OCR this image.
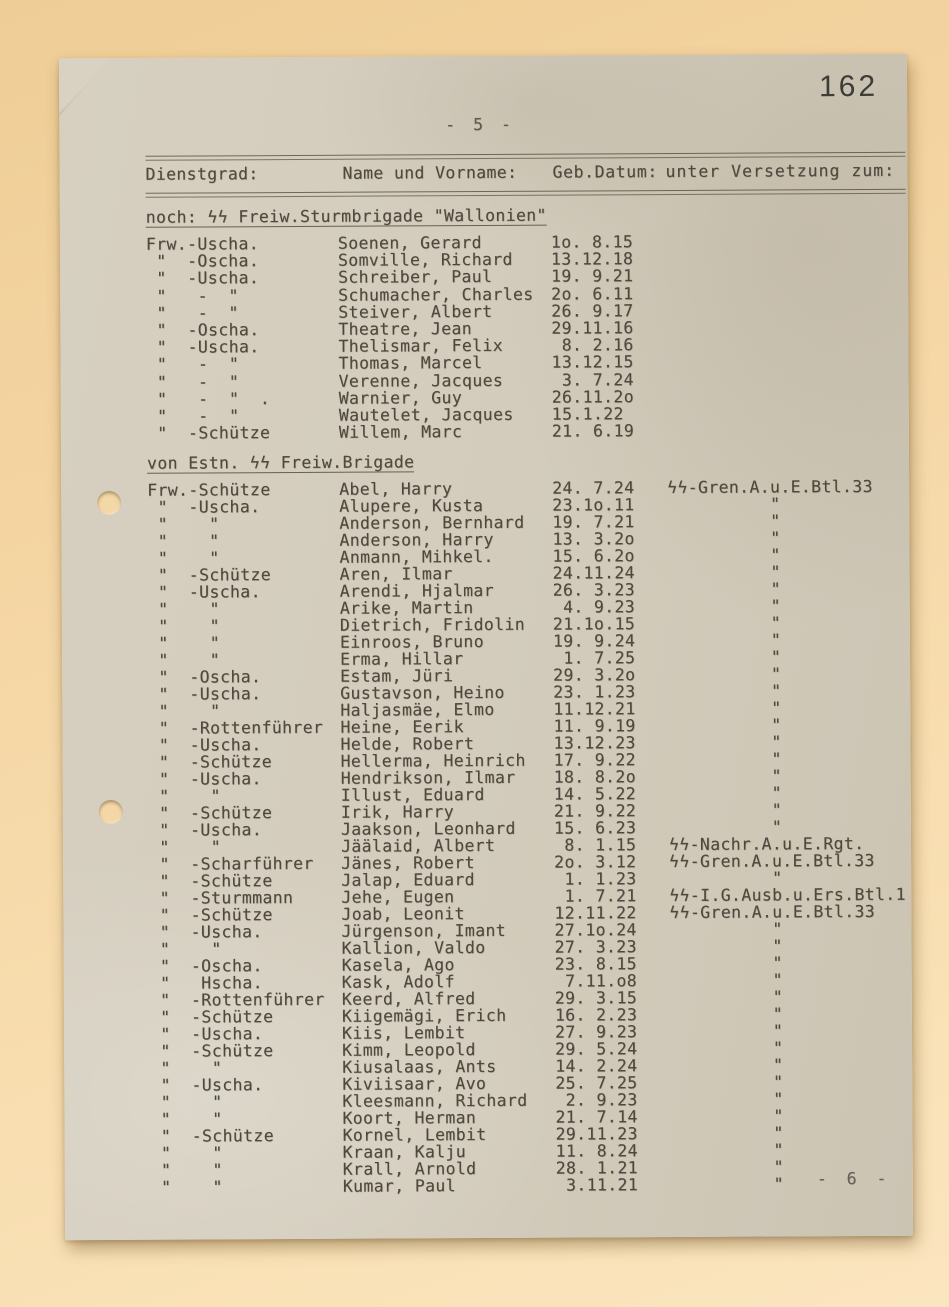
162
- 5 -
Dienstgrad:	Name und Vorname: Geb.Datum: unter Versetzung zum:
noch: ϟϟ Freiw.Sturmbrigade "Wallonien"
Frw.-Uscha.	Soenen, Gerard	1o. 8.15
"  -Oscha.	Somville, Richard 13.12.18
"  -Uscha.	Schreiber, Paul	19. 9.21
"   -  "	Schumacher, Charles 2o. 6.11
"   -  "	Steiver, Albert	26. 9.17
"  -Oscha.	Theatre, Jean	29.11.16
"  -Uscha.	Thelismar, Felix	8. 2.16
"   -  "	Thomas, Marcel	13.12.15
"   -  "	Verenne, Jacques	3. 7.24
"   -  "  .	Warnier, Guy	26.11.2o
"   -  "	Wautelet, Jacques 15.1.22
"  -Schütze	Willem, Marc	21. 6.19
von Estn. ϟϟ Freiw.Brigade
Frw.-Schütze	Abel, Harry	24. 7.24 ϟϟ-Gren.A.u.E.Btl.33
"  -Uscha.	Alupere, Kusta	23.1o.11 "
"    "	Anderson, Bernhard 19. 7.21 "
"    "	Anderson, Harry	13. 3.2o "
"    "	Anmann, Mihkel.	15. 6.2o "
"  -Schütze	Aren, Ilmar	24.11.24 "
"  -Uscha.	Arendi, Hjalmar	26. 3.23 "
"    "	Arike, Martin	4. 9.23 "
"    "	Dietrich, Fridolin 21.1o.15 "
"    "	Einroos, Bruno	19. 9.24 "
"    "	Erma, Hillar	1. 7.25 "
"  -Oscha.	Estam, Jüri	29. 3.2o "
"  -Uscha.	Gustavson, Heino	23. 1.23 "
"    "	Haljasmäe, Elmo	11.12.21 "
"  -Rottenführer Heine, Eerik	11. 9.19 "
"  -Uscha.	Helde, Robert	13.12.23 "
"  -Schütze	Hellerma, Heinrich 17. 9.22 "
"  -Uscha.	Hendrikson, Ilmar 18. 8.2o "
"    "	Illust, Eduard	14. 5.22 "
"  -Schütze	Irik, Harry	21. 9.22 "
"  -Uscha.	Jaakson, Leonhard 15. 6.23 "
"    "	Jäälaid, Albert	8. 1.15 ϟϟ-Nachr.A.u.E.Rgt.
"  -Scharführer Jänes, Robert	2o. 3.12 ϟϟ-Gren.A.u.E.Btl.33
"  -Schütze	Jalap, Eduard	1. 1.23 "
"  -Sturmmann	Jehe, Eugen	1. 7.21 ϟϟ-I.G.Ausb.u.Ers.Btl.1
"  -Schütze	Joab, Leonit	12.11.22 ϟϟ-Gren.A.u.E.Btl.33
"  -Uscha.	Jürgenson, Imant	27.1o.24 "
"    "	Kallion, Valdo	27. 3.23 "
"  -Oscha.	Kasela, Ago	23. 8.15 "
"   Hscha.	Kask, Adolf	7.11.o8 "
"  -Rottenführer Keerd, Alfred	29. 3.15 "
"  -Schütze	Kiigemägi, Erich	16. 2.23 "
"  -Uscha.	Kiis, Lembit	27. 9.23 "
"  -Schütze	Kimm, Leopold	29. 5.24 "
"    "	Kiusalaas, Ants	14. 2.24 "
"  -Uscha.	Kiviisaar, Avo	25. 7.25 "
"    "	Kleesmann, Richard 2. 9.23 "
"    "	Koort, Herman	21. 7.14 "
"  -Schütze	Kornel, Lembit	29.11.23 "
"    "	Kraan, Kalju	11. 8.24 "
"    "	Krall, Arnold	28. 1.21 "
"    "	Kumar, Paul	3.11.21 " - 6 -
